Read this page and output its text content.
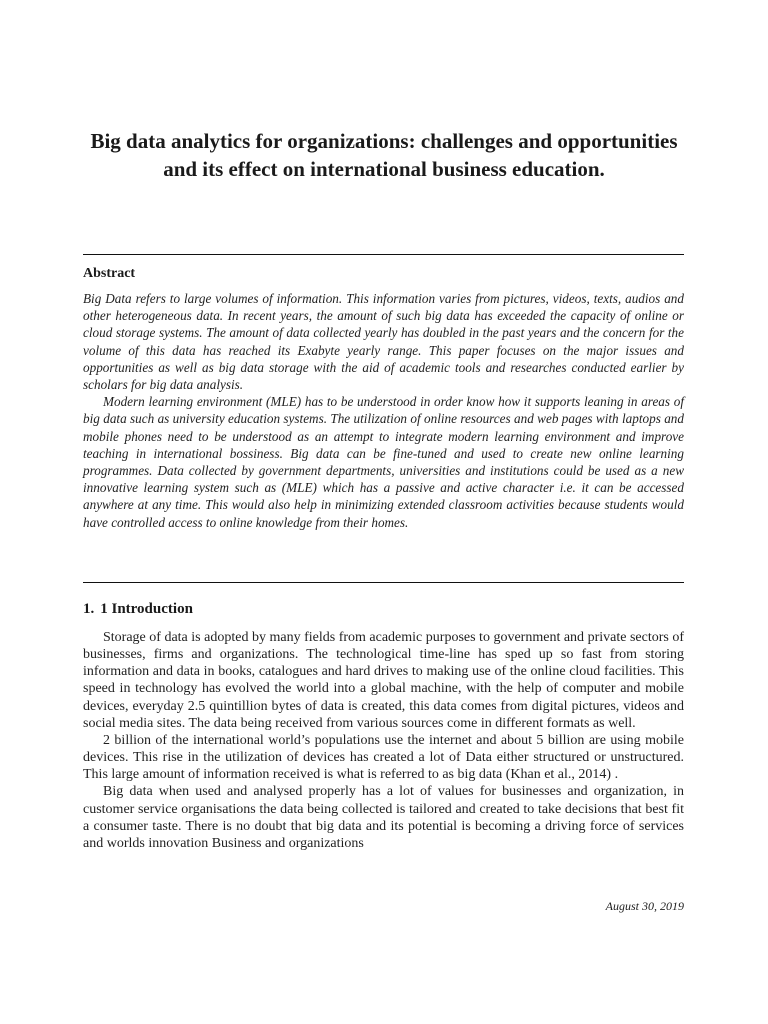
Big data analytics for organizations: challenges and opportunities
and its effect on international business education.
Abstract

Big Data refers to large volumes of information. This information varies from pictures, videos, texts, audios and other heterogeneous data. In recent years, the amount of such big data has exceeded the capacity of online or cloud storage systems. The amount of data collected yearly has doubled in the past years and the concern for the volume of this data has reached its Exabyte yearly range. This paper focuses on the major issues and opportunities as well as big data storage with the aid of academic tools and researches conducted earlier by scholars for big data analysis.

Modern learning environment (MLE) has to be understood in order know how it supports leaning in areas of big data such as university education systems. The utilization of online resources and web pages with laptops and mobile phones need to be understood as an attempt to integrate modern learning environment and improve teaching in international bossiness. Big data can be fine-tuned and used to create new online learning programmes. Data collected by government departments, universities and institutions could be used as a new innovative learning system such as (MLE) which has a passive and active character i.e. it can be accessed anywhere at any time. This would also help in minimizing extended classroom activities because students would have controlled access to online knowledge from their homes.

1. 1 Introduction

Storage of data is adopted by many fields from academic purposes to government and private sectors of businesses, firms and organizations. The technological time-line has sped up so fast from storing information and data in books, catalogues and hard drives to making use of the online cloud facilities. This speed in technology has evolved the world into a global machine, with the help of computer and mobile devices, everyday 2.5 quintillion bytes of data is created, this data comes from digital pictures, videos and social media sites. The data being received from various sources come in different formats as well.

2 billion of the international world’s populations use the internet and about 5 billion are using mobile devices. This rise in the utilization of devices has created a lot of Data either structured or unstructured. This large amount of information received is what is referred to as big data (Khan et al., 2014) .

Big data when used and analysed properly has a lot of values for businesses and organization, in customer service organisations the data being collected is tailored and created to take decisions that best fit a consumer taste. There is no doubt that big data and its potential is becoming a driving force of services and worlds innovation Business and organizations

August 30, 2019
